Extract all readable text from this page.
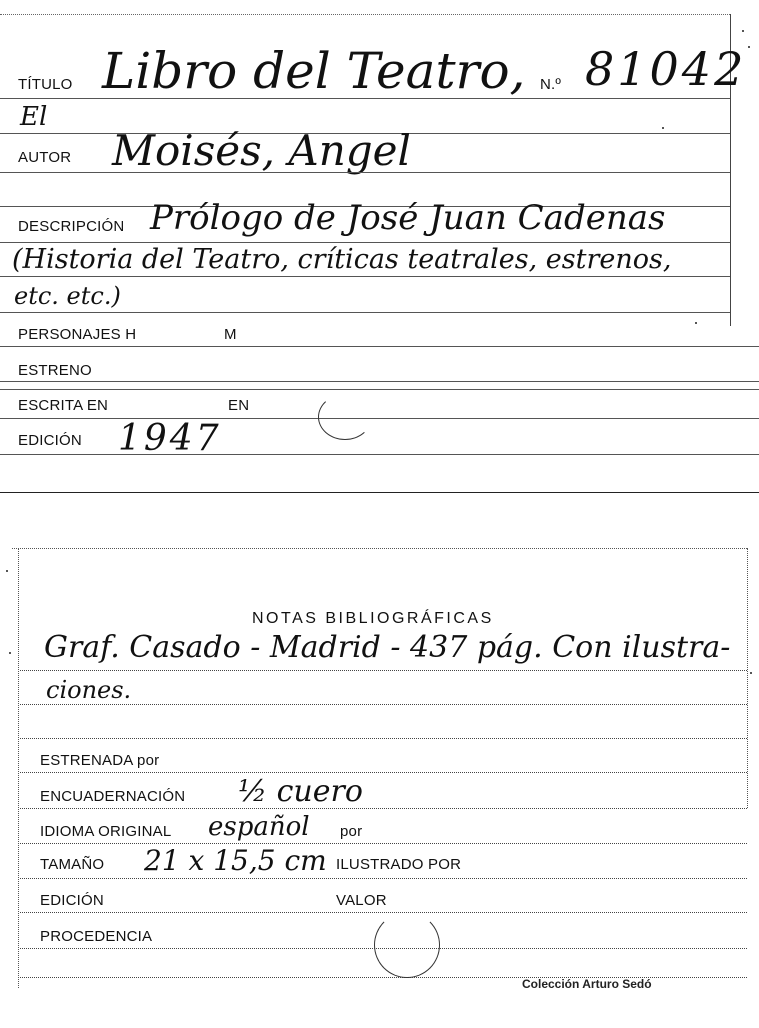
TÍTULO Libro del Teatro, N.º 81042
El
AUTOR Moisés, Angel
DESCRIPCIÓN Prólogo de José Juan Cadenas
(Historia del Teatro, críticas teatrales, estrenos,
etc. etc.)
PERSONAJES H	M
ESTRENO
ESCRITA EN	EN
EDICIÓN 1947
NOTAS BIBLIOGRÁFICAS
Graf. Casado - Madrid - 437 pág. Con ilustra-
ciones.
ESTRENADA por
ENCUADERNACIÓN ½ cuero
IDIOMA ORIGINAL español por
TAMAÑO 21 x 15,5 cm ILUSTRADO POR
EDICIÓN	VALOR
PROCEDENCIA
Colección Arturo Sedó
